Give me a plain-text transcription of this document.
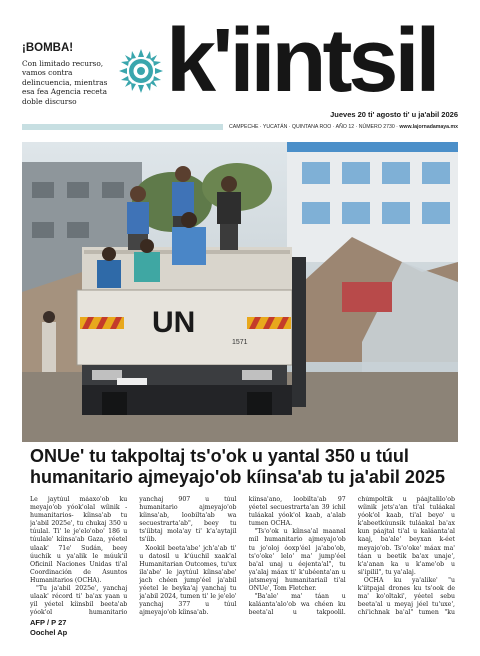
¡BOMBA!
Con limitado recurso, vamos contra delincuencia, mientras esa fea Agencia receta doble discurso k'iintsil
Jueves 20 ti' agosto ti' u ja'abil 2026
CAMPECHE · YUCATÁN · QUINTANA ROO · AÑO 12 · NÚMERO 2730 · www.lajornadamaya.mx
UN
1571
ONUe' tu takpoltaj ts'o'ok u yantal 350 u túul humanitario ajmeyajo'ob kíinsa'ab tu ja'abil 2025

Le jaytúul máaxo'ob ku meyajo'ob yóok'olal wíinik -humanitarios- kíinsa'ab tu ja'abil 2025e', tu chukaj 350 u túulal. Ti' le je'elo'obo' 186 u túulale' kíinsa'ab Gaza, yéetel ulaak' 71e' Sudán, beey úuchik u ya'alik le múuk'il Oficinil Naciones Unidas ti'al Coordinación de Asuntos Humanitarios (OCHA).

"Tu ja'abil 2025e', yanchaj ulaak' récord ti' ba'ax yaan u yil yéetel kíinsbil beeta'ab yóok'ol humanitario

yanchaj 907 u túul humanitario ajmeyajo'ob kíinsa'ab, loobilta'ab wa secuestrarta'ab", beey tu ts'íibtaj mola'ay ti' k'a'aytajil ts'íib.

Xookil beeta'abe' jch'a'ab ti' u datosil u k'úuchil xaak'al Humanitarian Outcomes, tu'ux ila'abe' le jaytúul kíinsa'abe' jach chéen jump'éel ja'abil yéetel le beyka'aj yanchaj tu ja'abil 2024, tumen ti' le je'elo' yanchaj 377 u túul ajmeyajo'ob kíinsa'ab.

kíinsa'ano, loobilta'ab 97 yéetel secuestrarta'an 39 ichil tuláakal yóok'ol kaab, a'alab tumen OCHA.

"Ts'o'ok u kíinsa'al maanal mil humanitario ajmeyajo'ob tu jo'oloj óoxp'éel ja'abo'ob, ts'o'oke' lelo' ma' jump'éel ba'al unaj u éejenta'al", tu ya'alaj máax ti' k'ubéenta'an u jatsmeyaj humanitariail ti'al ONUe', Tom Fletcher.

"Ba'ale' ma' táan u kaláanta'alo'ob wa chéen ku beeta'al u takpoolil.

chúmpoltik u páajtalilo'ob wíinik jets'a'an ti'al tuláakal yóok'ol kaab, ti'al beyo' u k'abeetkúunsik tuláakal ba'ax kun páajtal ti'al u kaláanta'al kaaj, ba'ale' beyxan k-éet meyajo'ob. Ts'o'oke' máax ma' táan u beetik ba'ax unaje', k'a'anan ka u k'ame'ob u si'ipilil", tu ya'alaj.

OCHA ku ya'alike' "u k'iitpajal drones ku ts'ook de ma' ko'oltaki', yéetel sebu beeta'al u meyaj jéel tu'uxe', chi'ichnak ba'al" tumen "ku

AFP / P 27
Oochel Ap
